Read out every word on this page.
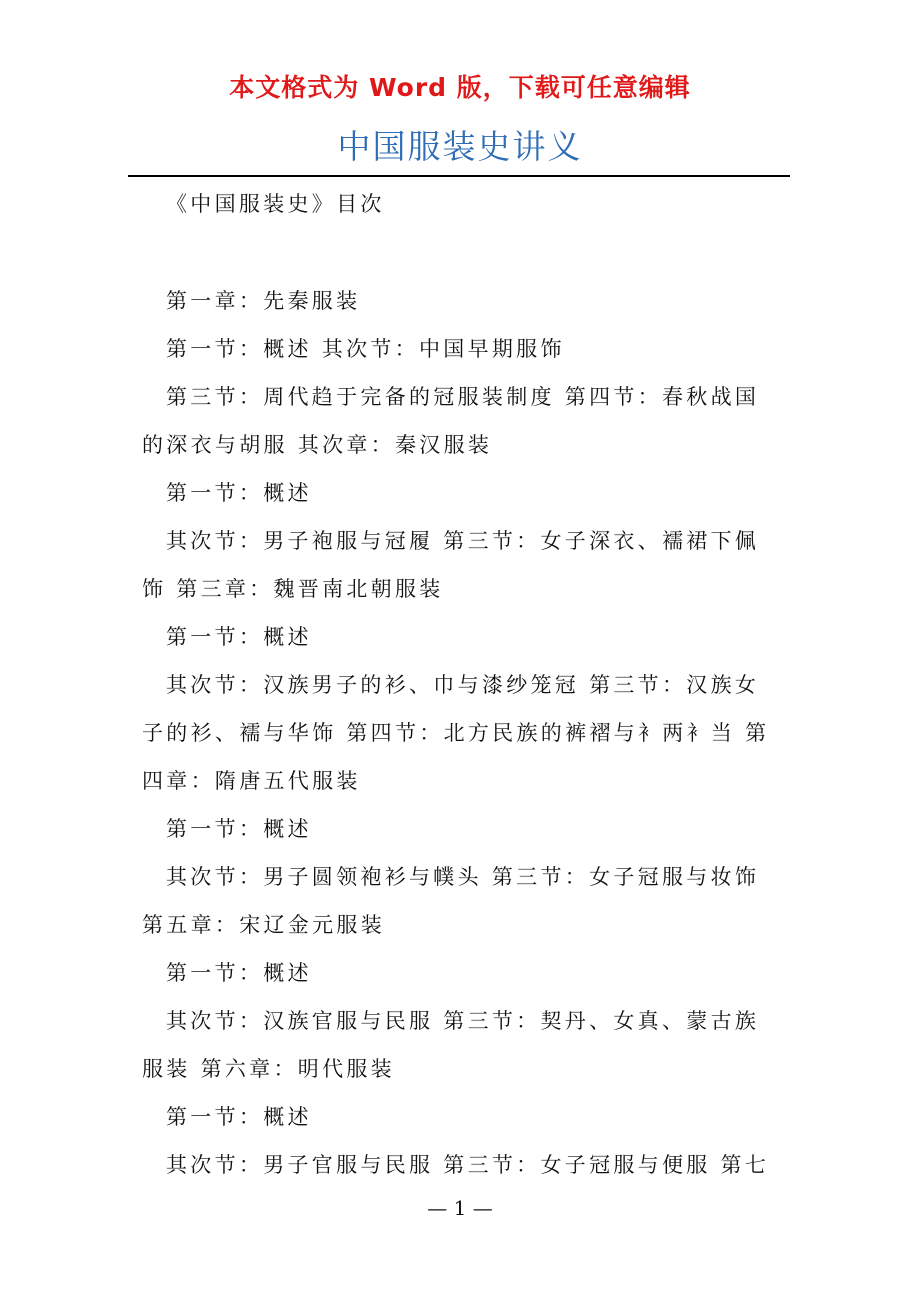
本文格式为 Word 版，下载可任意编辑
中国服装史讲义

《中国服装史》目次

第一章：先秦服装

第一节：概述 其次节：中国早期服饰

第三节：周代趋于完备的冠服装制度 第四节：春秋战国

的深衣与胡服 其次章：秦汉服装

第一节：概述

其次节：男子袍服与冠履 第三节：女子深衣、襦裙下佩

饰 第三章：魏晋南北朝服装

第一节：概述

其次节：汉族男子的衫、巾与漆纱笼冠 第三节：汉族女

子的衫、襦与华饰 第四节：北方民族的裤褶与衤两衤当 第

四章：隋唐五代服装

第一节：概述

其次节：男子圆领袍衫与幞头 第三节：女子冠服与妆饰

第五章：宋辽金元服装

第一节：概述

其次节：汉族官服与民服 第三节：契丹、女真、蒙古族

服装 第六章：明代服装

第一节：概述

其次节：男子官服与民服 第三节：女子冠服与便服 第七

— 1 —
